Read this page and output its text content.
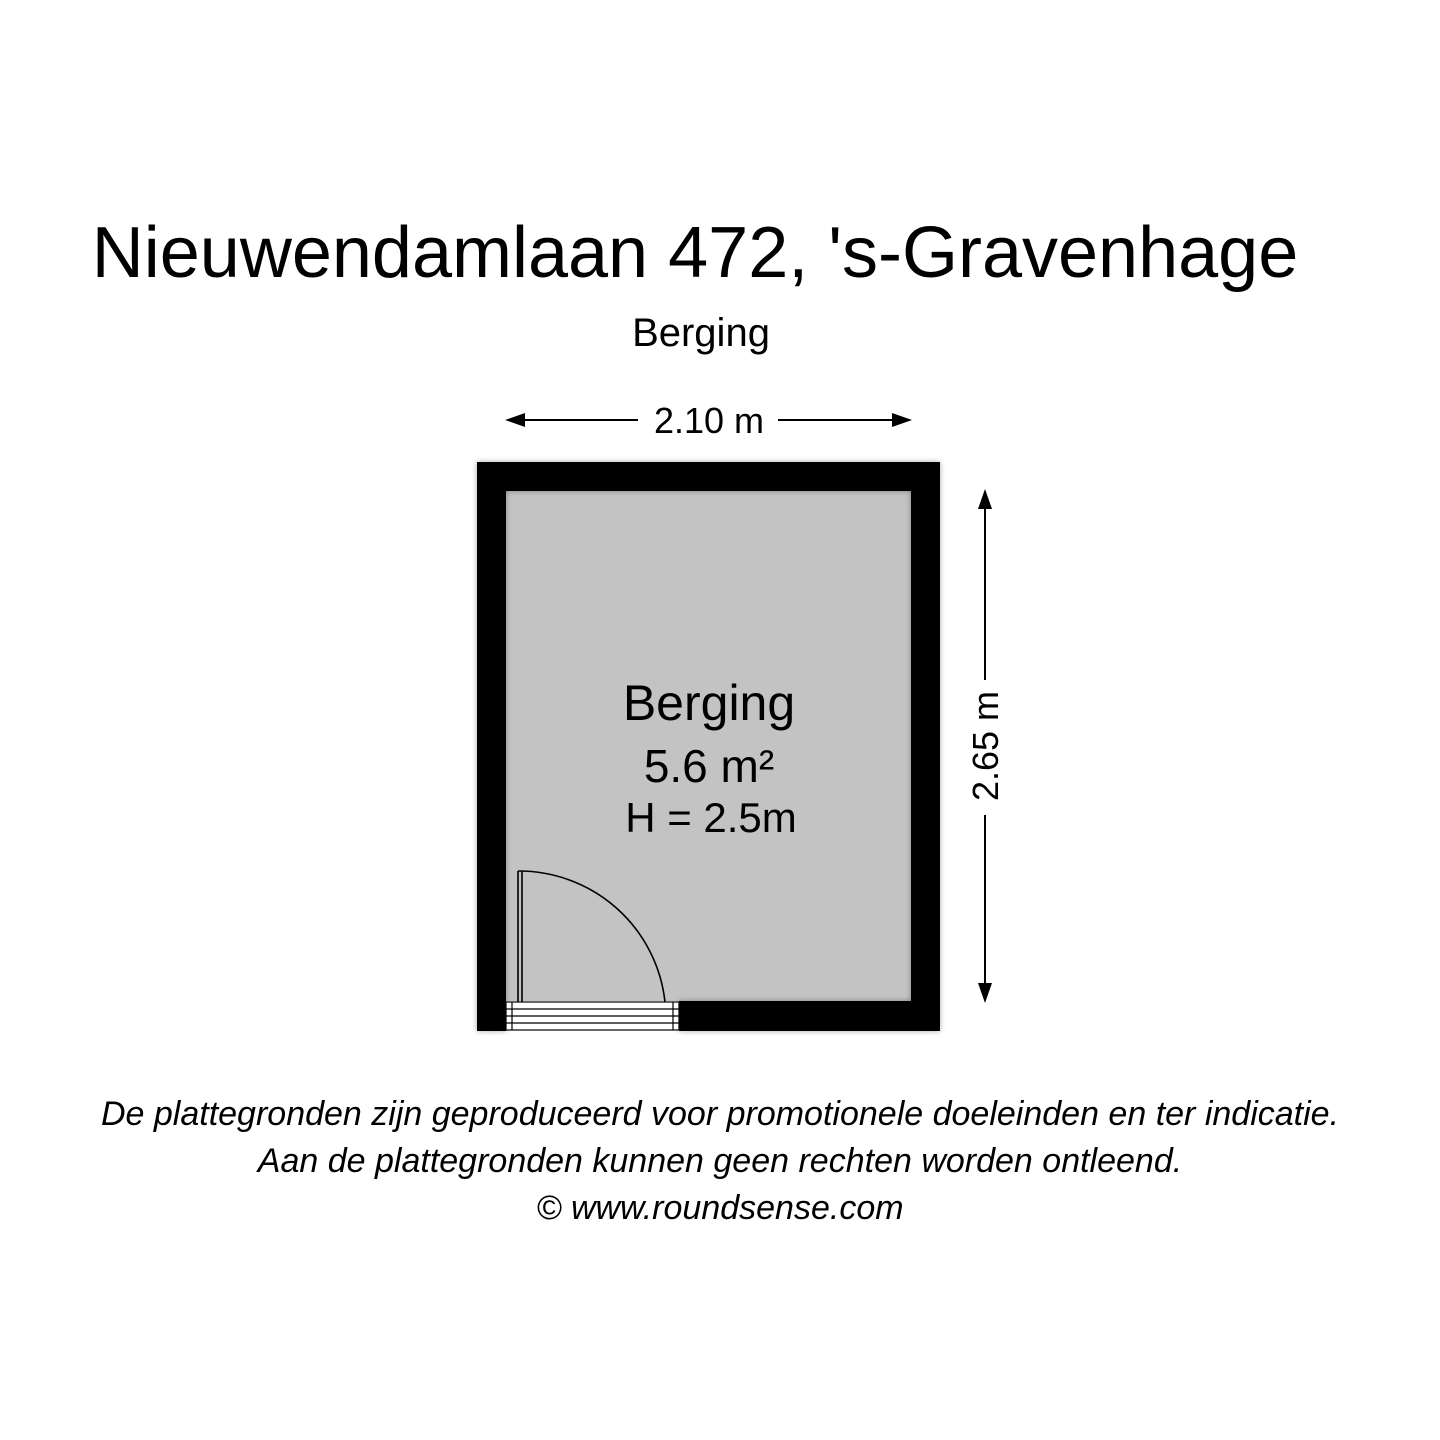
Nieuwendamlaan 472, 's-Gravenhage
Berging
2.10 m
2.65 m
Berging
5.6 m²
H = 2.5m
De plattegronden zijn geproduceerd voor promotionele doeleinden en ter indicatie.
Aan de plattegronden kunnen geen rechten worden ontleend.
© www.roundsense.com
